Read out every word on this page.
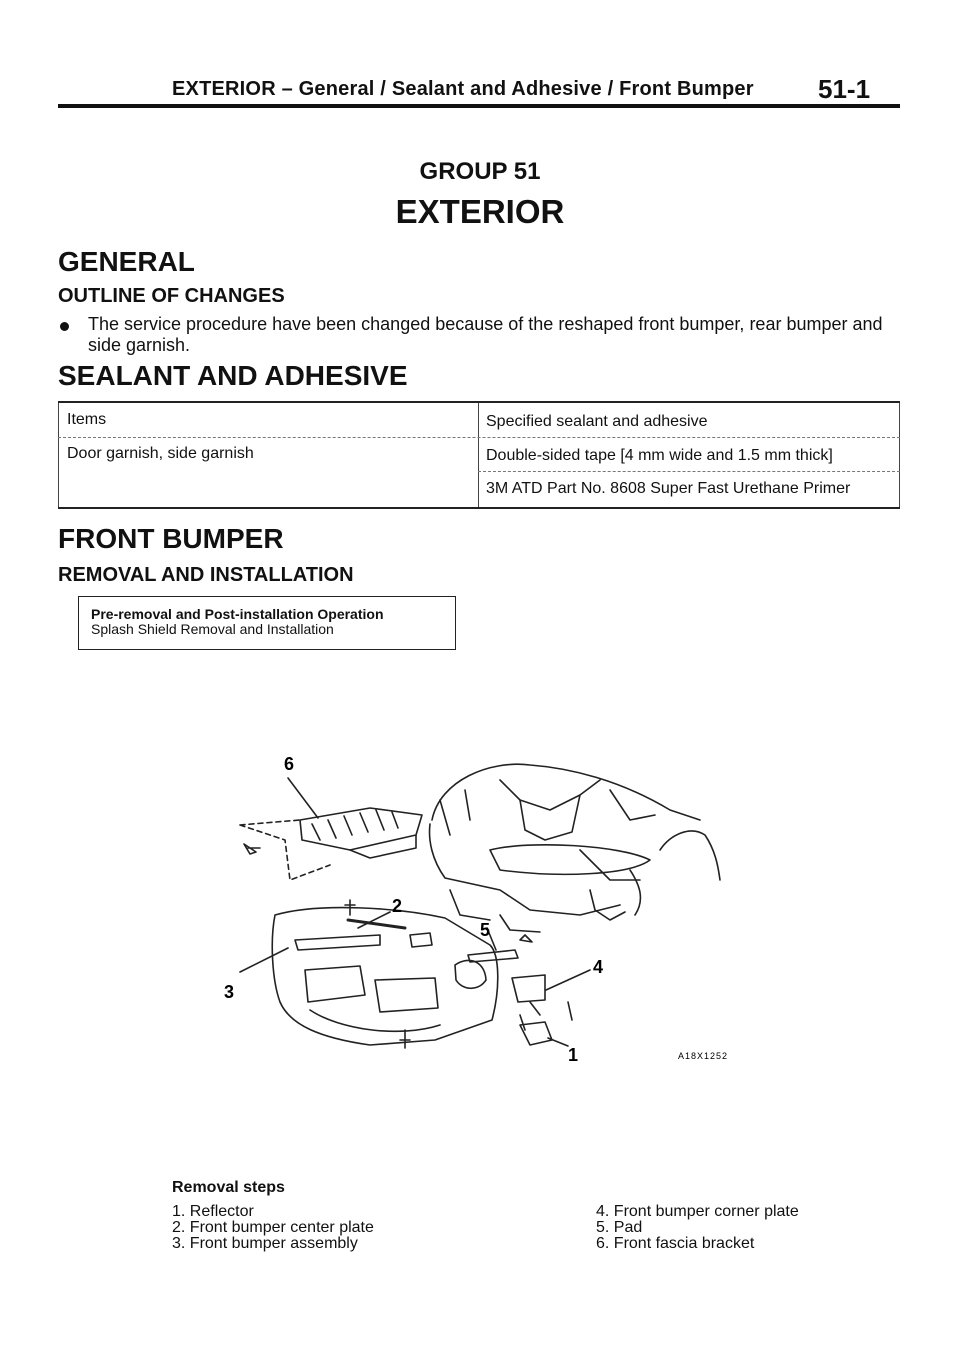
EXTERIOR – General / Sealant and Adhesive / Front Bumper 51-1
GROUP 51
EXTERIOR
GENERAL
OUTLINE OF CHANGES
The service procedure have been changed because of the reshaped front bumper, rear bumper and side garnish.
SEALANT AND ADHESIVE
Items	Specified sealant and adhesive
Door garnish, side garnish	Double-sided tape [4 mm wide and 1.5 mm thick]
3M ATD Part No. 8608 Super Fast Urethane Primer
FRONT BUMPER
REMOVAL AND INSTALLATION
Pre-removal and Post-installation Operation
Splash Shield Removal and Installation
6
2
3
4
5
1	A18X1252
Removal steps
1. Reflector
2. Front bumper center plate
3. Front bumper assembly
4. Front bumper corner plate
5. Pad
6. Front fascia bracket
